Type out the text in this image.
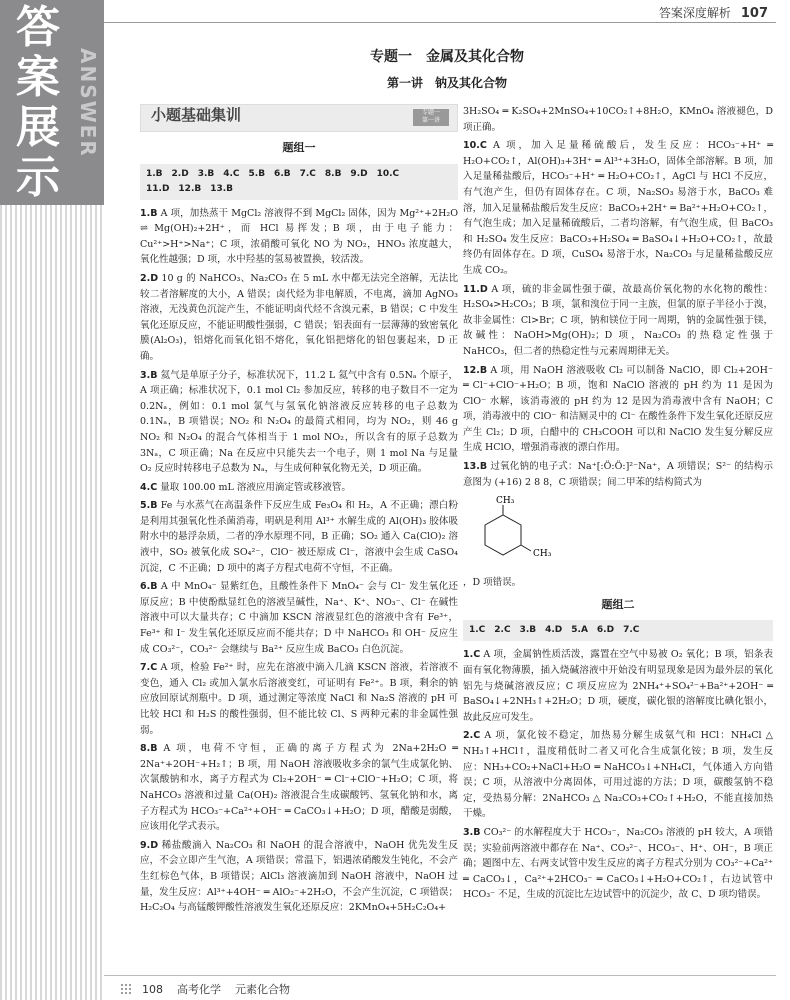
答
案
展
示
ANSWER
答案深度解析 107
专题一　金属及其化合物
第一讲　钠及其化合物
小题基础集训	专题一
第一讲
题组一
1.B　2.D　3.B　4.C　5.B　6.B　7.C　8.B　9.D　10.C
11.D　12.B　13.B
1.B A 项，加热蒸干 MgCl₂ 溶液得不到 MgCl₂ 固体，因为 Mg²⁺+2H₂O ⇌ Mg(OH)₂+2H⁺，而 HCl 易挥发；B 项，由于电子能力：Cu²⁺>H⁺>Na⁺；C 项，浓硝酸可氧化 NO 为 NO₂，HNO₃ 浓度越大，氧化性越强；D 项，水中羟基的氢易被置换，较活泼。
2.D 10 g 的 NaHCO₃、Na₂CO₃ 在 5 mL 水中都无法完全溶解，无法比较二者溶解度的大小，A 错误；卤代烃为非电解质，不电离，滴加 AgNO₃ 溶液，无浅黄色沉淀产生，不能证明卤代烃不含溴元素，B 错误；C 中发生氧化还原反应，不能证明酸性强弱，C 错误；铝表面有一层薄薄的致密氧化膜(Al₂O₃)，铝熔化而氧化铝不熔化，氧化铝把熔化的铝包裹起来，D 正确。
3.B 氦气是单原子分子，标准状况下，11.2 L 氦气中含有 0.5Nₐ 个原子，A 项正确；标准状况下，0.1 mol Cl₂ 参加反应，转移的电子数目不一定为 0.2Nₐ，例如：0.1 mol 氯气与氢氧化钠溶液反应转移的电子总数为 0.1Nₐ，B 项错误；NO₂ 和 N₂O₄ 的最简式相同，均为 NO₂，则 46 g NO₂ 和 N₂O₄ 的混合气体相当于 1 mol NO₂，所以含有的原子总数为 3Nₐ，C 项正确；Na 在反应中只能失去一个电子，则 1 mol Na 与足量 O₂ 反应时转移电子总数为 Nₐ，与生成何种氧化物无关，D 项正确。
4.C 量取 100.00 mL 溶液应用滴定管或移液管。
5.B Fe 与水蒸气在高温条件下反应生成 Fe₃O₄ 和 H₂，A 不正确；漂白粉是利用其强氧化性杀菌消毒，明矾是利用 Al³⁺ 水解生成的 Al(OH)₃ 胶体吸附水中的悬浮杂质，二者的净水原理不同，B 正确；SO₂ 通入 Ca(ClO)₂ 溶液中，SO₂ 被氧化成 SO₄²⁻，ClO⁻ 被还原成 Cl⁻，溶液中会生成 CaSO₄ 沉淀，C 不正确；D 项中的离子方程式电荷不守恒，不正确。
6.B A 中 MnO₄⁻ 显紫红色，且酸性条件下 MnO₄⁻ 会与 Cl⁻ 发生氧化还原反应；B 中使酚酞显红色的溶液呈碱性，Na⁺、K⁺、NO₃⁻、Cl⁻ 在碱性溶液中可以大量共存；C 中滴加 KSCN 溶液显红色的溶液中含有 Fe³⁺，Fe³⁺ 和 I⁻ 发生氧化还原反应而不能共存；D 中 NaHCO₃ 和 OH⁻ 反应生成 CO₃²⁻，CO₃²⁻ 会继续与 Ba²⁺ 反应生成 BaCO₃ 白色沉淀。
7.C A 项，检验 Fe²⁺ 时，应先在溶液中滴入几滴 KSCN 溶液，若溶液不变色，通入 Cl₂ 或加入氯水后溶液变红，可证明有 Fe²⁺。B 项，剩余的钠应放回原试剂瓶中。D 项，通过测定等浓度 NaCl 和 Na₂S 溶液的 pH 可比较 HCl 和 H₂S 的酸性强弱，但不能比较 Cl、S 两种元素的非金属性强弱。
8.B A 项，电荷不守恒，正确的离子方程式为 2Na+2H₂O ═ 2Na⁺+2OH⁻+H₂↑；B 项，用 NaOH 溶液吸收多余的氯气生成氯化钠、次氯酸钠和水，离子方程式为 Cl₂+2OH⁻ ═ Cl⁻+ClO⁻+H₂O；C 项，将 NaHCO₃ 溶液和过量 Ca(OH)₂ 溶液混合生成碳酸钙、氢氧化钠和水，离子方程式为 HCO₃⁻+Ca²⁺+OH⁻ ═ CaCO₃↓+H₂O；D 项，醋酸是弱酸，应该用化学式表示。
9.D 稀盐酸滴入 Na₂CO₃ 和 NaOH 的混合溶液中，NaOH 优先发生反应，不会立即产生气泡，A 项错误；常温下，铝遇浓硝酸发生钝化，不会产生红棕色气体，B 项错误；AlCl₃ 溶液滴加到 NaOH 溶液中，NaOH 过量，发生反应：Al³⁺+4OH⁻ ═ AlO₂⁻+2H₂O，不会产生沉淀，C 项错误；H₂C₂O₄ 与高锰酸钾酸性溶液发生氧化还原反应：2KMnO₄+5H₂C₂O₄+
3H₂SO₄ ═ K₂SO₄+2MnSO₄+10CO₂↑+8H₂O，KMnO₄ 溶液褪色，D 项正确。
10.C A 项，加入足量稀硫酸后，发生反应：HCO₃⁻+H⁺ ═ H₂O+CO₂↑，Al(OH)₃+3H⁺ ═ Al³⁺+3H₂O，固体全部溶解。B 项，加入足量稀盐酸后，HCO₃⁻+H⁺ ═ H₂O+CO₂↑，AgCl 与 HCl 不反应，有气泡产生，但仍有固体存在。C 项，Na₂SO₃ 易溶于水，BaCO₃ 难溶，加入足量稀盐酸后发生反应：BaCO₃+2H⁺ ═ Ba²⁺+H₂O+CO₂↑，有气泡生成；加入足量稀硫酸后，二者均溶解，有气泡生成，但 BaCO₃ 和 H₂SO₄ 发生反应：BaCO₃+H₂SO₄ ═ BaSO₄↓+H₂O+CO₂↑，故最终仍有固体存在。D 项，CuSO₄ 易溶于水，Na₂CO₃ 与足量稀盐酸反应生成 CO₂。
11.D A 项，硫的非金属性强于碳，故最高价氧化物的水化物的酸性：H₂SO₄>H₂CO₃；B 项，氯和溴位于同一主族，但氯的原子半径小于溴，故非金属性：Cl>Br；C 项，钠和镁位于同一周期，钠的金属性强于镁，故碱性：NaOH>Mg(OH)₂；D 项，Na₂CO₃ 的热稳定性强于 NaHCO₃，但二者的热稳定性与元素周期律无关。
12.B A 项，用 NaOH 溶液吸收 Cl₂ 可以制备 NaClO，即 Cl₂+2OH⁻ ═ Cl⁻+ClO⁻+H₂O；B 项，饱和 NaClO 溶液的 pH 约为 11 是因为 ClO⁻ 水解，该消毒液的 pH 约为 12 是因为消毒液中含有 NaOH；C 项，消毒液中的 ClO⁻ 和洁厕灵中的 Cl⁻ 在酸性条件下发生氧化还原反应产生 Cl₂；D 项，白醋中的 CH₃COOH 可以和 NaClO 发生复分解反应生成 HClO，增强消毒液的漂白作用。
13.B 过氧化钠的电子式：Na⁺[:Ö:Ö:]²⁻Na⁺，A 项错误；S²⁻ 的结构示意图为 (+16) 2 8 8，C 项错误；间二甲苯的结构简式为
CH₃
CH₃
，D 项错误。
题组二
1.C　2.C　3.B　4.D　5.A　6.D　7.C
1.C A 项，金属钠性质活泼，露置在空气中易被 O₂ 氧化；B 项，铝条表面有氧化物薄膜，插入烧碱溶液中开始没有明显现象是因为最外层的氧化铝先与烧碱溶液反应；C 项反应应为 2NH₄⁺+SO₄²⁻+Ba²⁺+2OH⁻ ═ BaSO₄↓+2NH₃↑+2H₂O；D 项，硬度，碳化银的溶解度比碘化银小，故此反应可发生。
2.C A 项，氯化铵不稳定，加热易分解生成氨气和 HCl：NH₄Cl △ NH₃↑+HCl↑，温度稍低时二者又可化合生成氯化铵；B 项，发生反应：NH₃+CO₂+NaCl+H₂O ═ NaHCO₃↓+NH₄Cl，气体通入方向错误；C 项，从溶液中分离固体，可用过滤的方法；D 项，碳酸氢钠不稳定，受热易分解：2NaHCO₃ △ Na₂CO₃+CO₂↑+H₂O，不能直接加热干燥。
3.B CO₃²⁻ 的水解程度大于 HCO₃⁻，Na₂CO₃ 溶液的 pH 较大，A 项错误；实验前两溶液中都存在 Na⁺、CO₃²⁻、HCO₃⁻、H⁺、OH⁻，B 项正确；题图中左、右两支试管中发生反应的离子方程式分别为 CO₃²⁻+Ca²⁺ ═ CaCO₃↓，Ca²⁺+2HCO₃⁻ ═ CaCO₃↓+H₂O+CO₂↑，右边试管中 HCO₃⁻ 不足，生成的沉淀比左边试管中的沉淀少，故 C、D 项均错误。
108 高考化学 元素化合物
